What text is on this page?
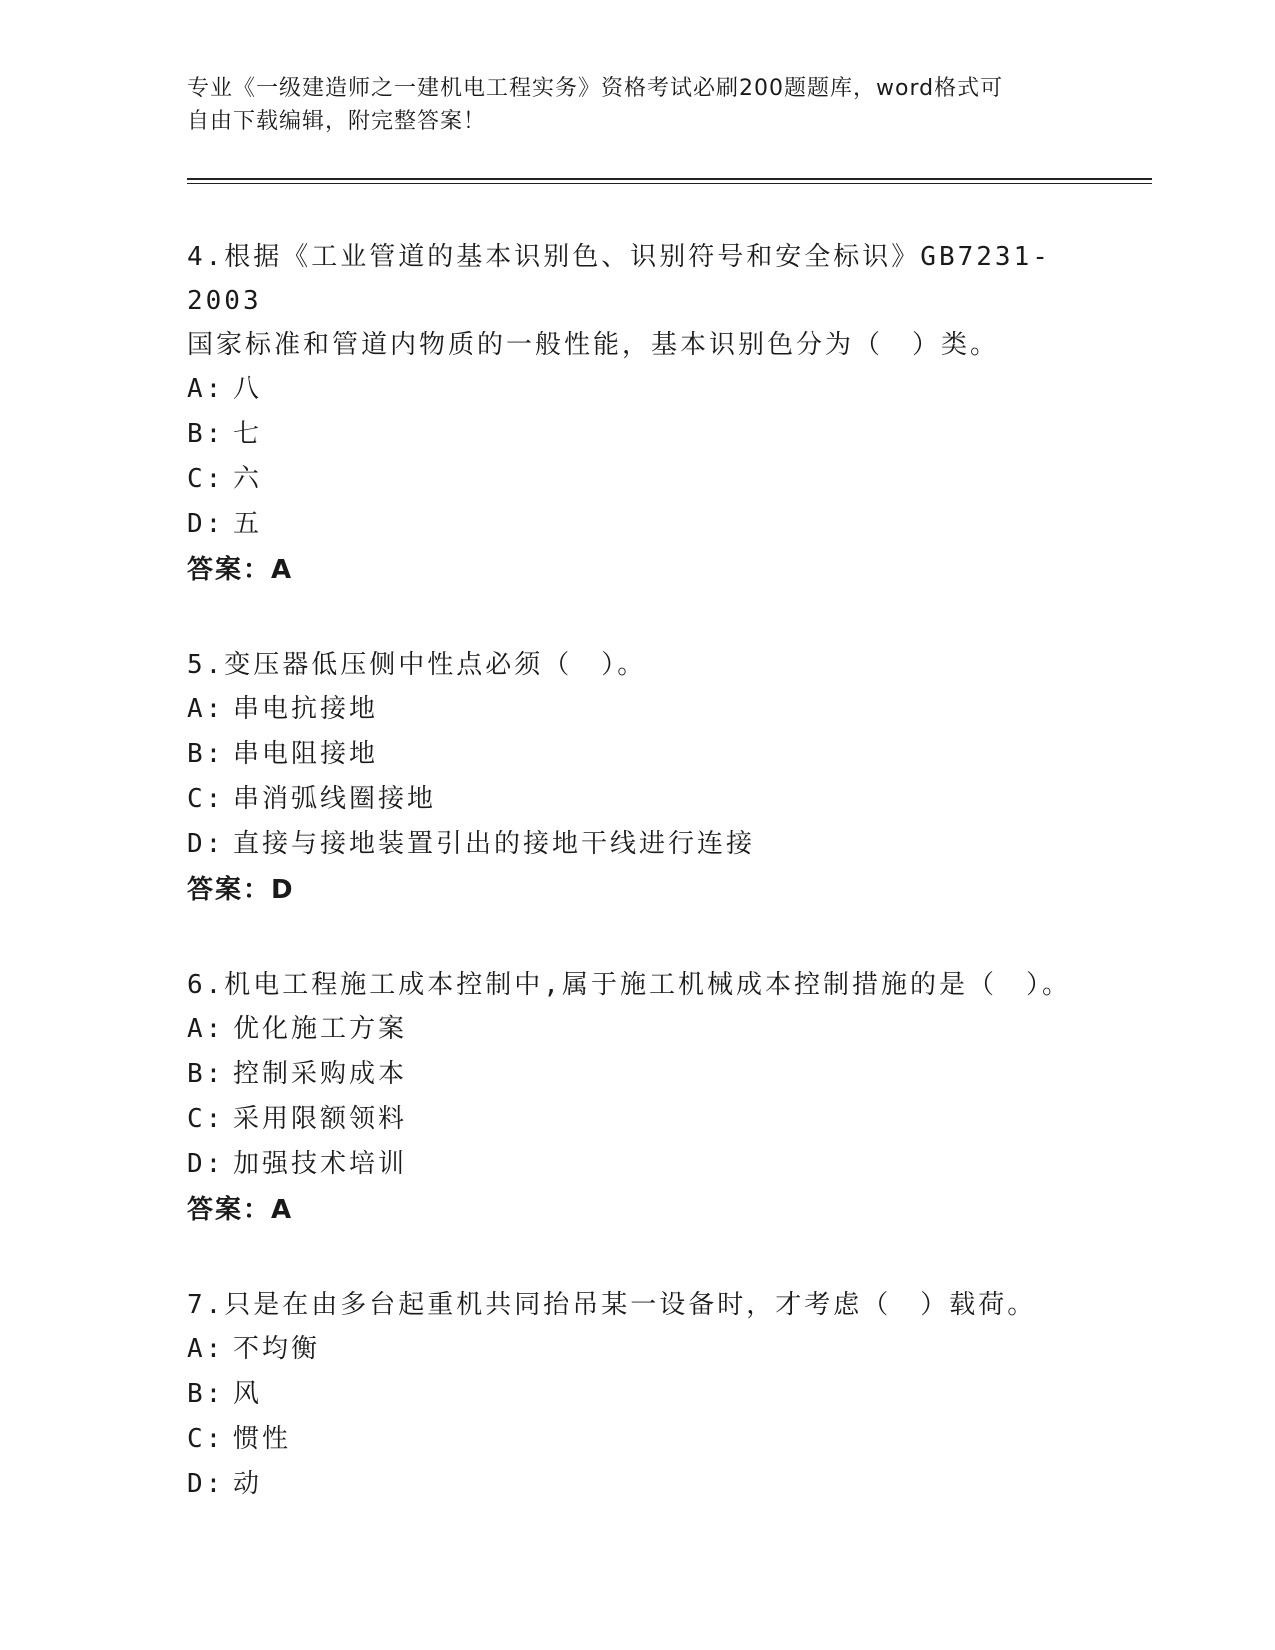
专业《一级建造师之一建机电工程实务》资格考试必刷200题题库，word格式可
自由下载编辑，附完整答案！

4.根据《工业管道的基本识别色、识别符号和安全标识》GB7231-2003

国家标准和管道内物质的一般性能，基本识别色分为（　）类。

A: 八

B: 七

C: 六

D: 五

答案：A

5.变压器低压侧中性点必须（　）。

A: 串电抗接地

B: 串电阻接地

C: 串消弧线圈接地

D: 直接与接地装置引出的接地干线进行连接

答案：D

6.机电工程施工成本控制中,属于施工机械成本控制措施的是（　）。

A: 优化施工方案

B: 控制采购成本

C: 采用限额领料

D: 加强技术培训

答案：A

7.只是在由多台起重机共同抬吊某一设备时，才考虑（　）载荷。

A: 不均衡

B: 风

C: 惯性

D: 动
